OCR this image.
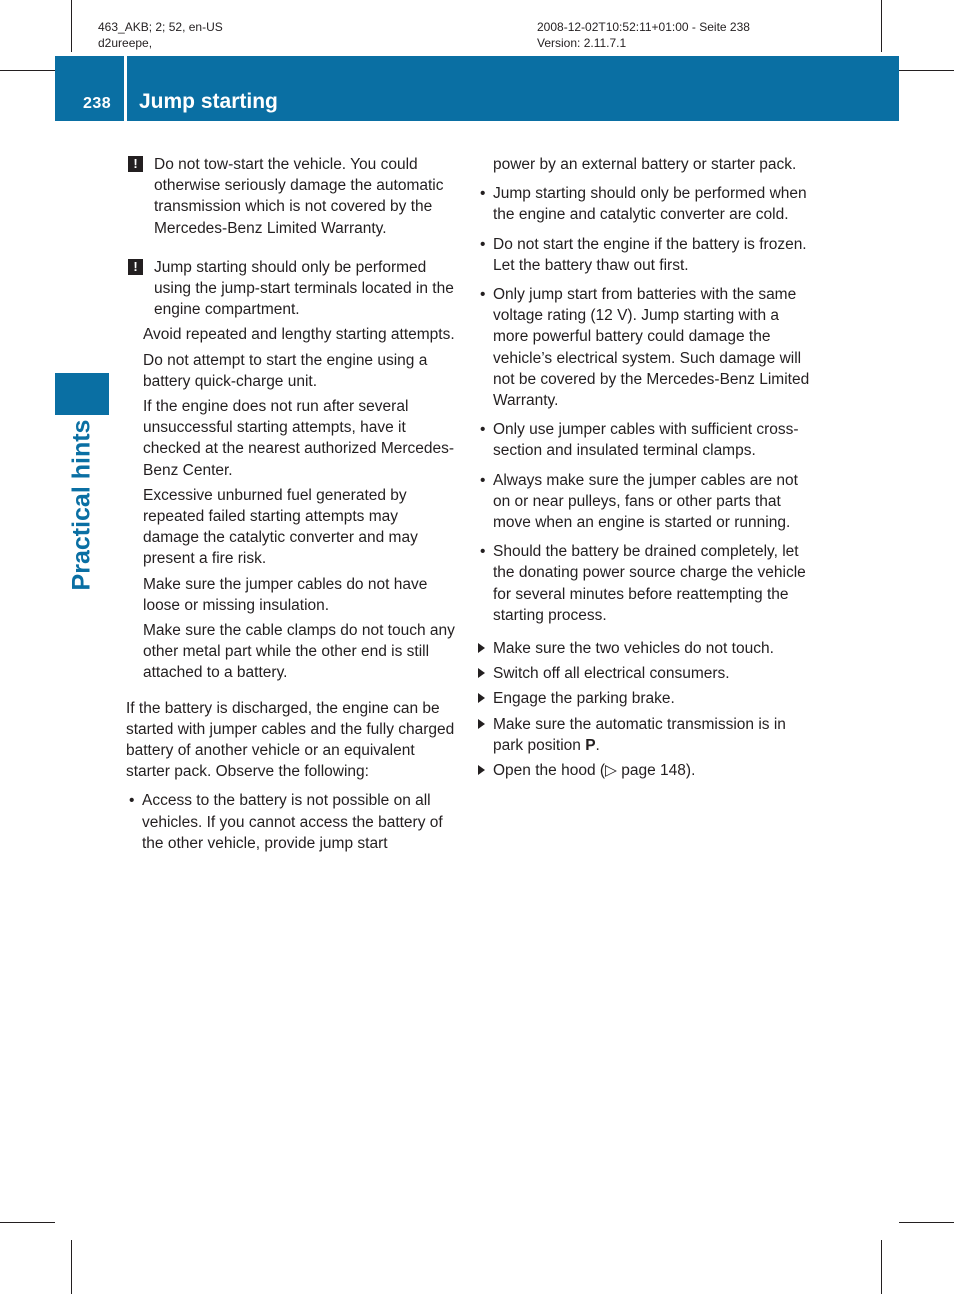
463_AKB; 2; 52, en-US
d2ureepe,
2008-12-02T10:52:11+01:00 - Seite 238
Version: 2.11.7.1
238 Jump starting
Practical hints
!	Do not tow-start the vehicle. You could otherwise seriously damage the automatic transmission which is not covered by the Mercedes-Benz Limited Warranty.
!	Jump starting should only be performed using the jump-start terminals located in the engine compartment.
Avoid repeated and lengthy starting attempts.
Do not attempt to start the engine using a battery quick-charge unit.
If the engine does not run after several unsuccessful starting attempts, have it checked at the nearest authorized Mercedes-Benz Center.
Excessive unburned fuel generated by repeated failed starting attempts may damage the catalytic converter and may present a fire risk.
Make sure the jumper cables do not have loose or missing insulation.
Make sure the cable clamps do not touch any other metal part while the other end is still attached to a battery.
If the battery is discharged, the engine can be started with jumper cables and the fully charged battery of another vehicle or an equivalent starter pack. Observe the following:
• Access to the battery is not possible on all vehicles. If you cannot access the battery of the other vehicle, provide jump start
power by an external battery or starter pack.
• Jump starting should only be performed when the engine and catalytic converter are cold.
• Do not start the engine if the battery is frozen. Let the battery thaw out first.
• Only jump start from batteries with the same voltage rating (12 V). Jump starting with a more powerful battery could damage the vehicle’s electrical system. Such damage will not be covered by the Mercedes-Benz Limited Warranty.
• Only use jumper cables with sufficient cross-section and insulated terminal clamps.
• Always make sure the jumper cables are not on or near pulleys, fans or other parts that move when an engine is started or running.
• Should the battery be drained completely, let the donating power source charge the vehicle for several minutes before reattempting the starting process.
Make sure the two vehicles do not touch.
Switch off all electrical consumers.
Engage the parking brake.
Make sure the automatic transmission is in park position P.
Open the hood (▷ page 148).
